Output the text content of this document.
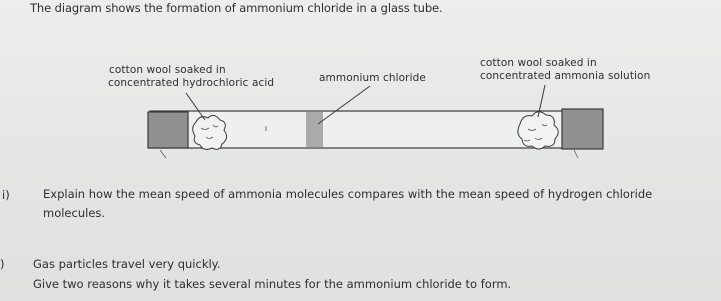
The diagram shows the formation of ammonium chloride in a glass tube.

cotton wool soaked in

concentrated hydrochloric acid	ammonium chloride

cotton wool soaked in

concentrated ammonia solution

i)	Explain how the mean speed of ammonia molecules compares with the mean speed of hydrogen chloride

molecules.

) Gas particles travel very quickly.

Give two reasons why it takes several minutes for the ammonium chloride to form.
